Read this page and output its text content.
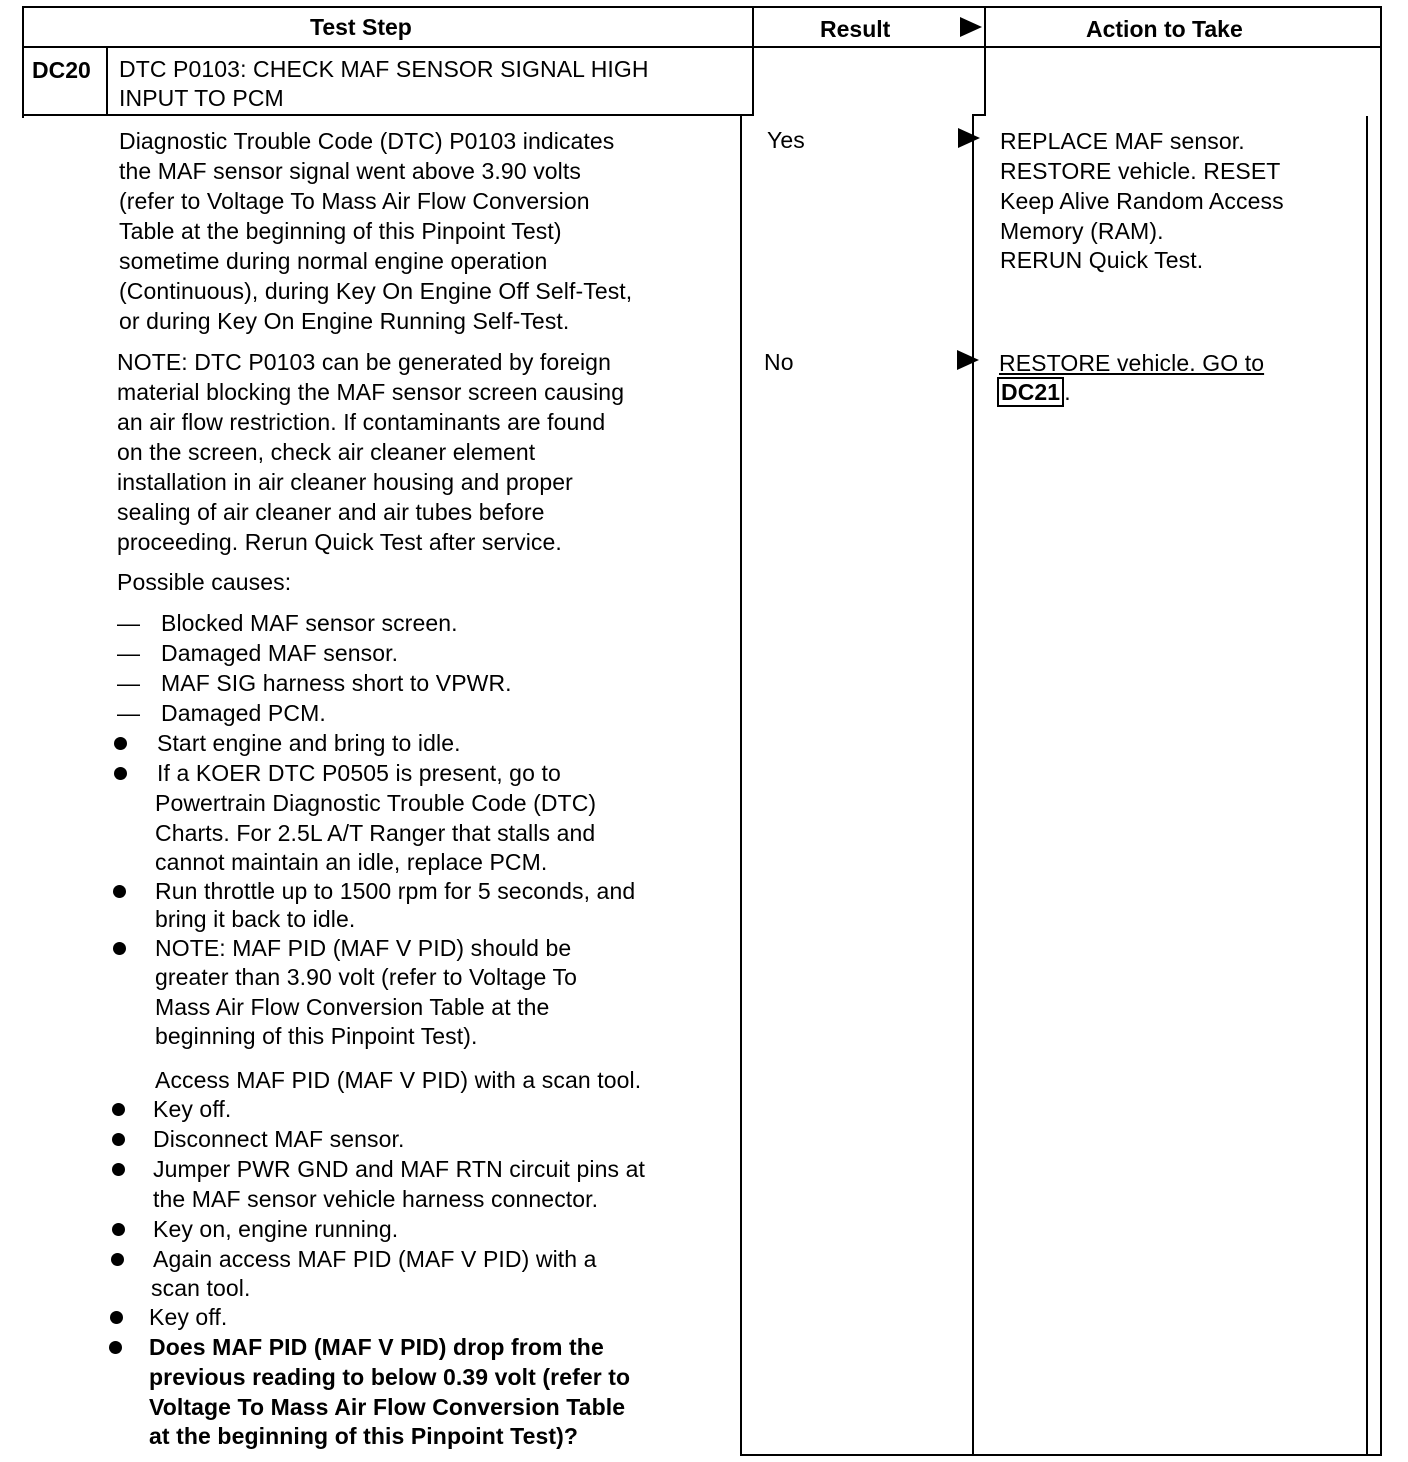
Test Step	Result	Action to Take
DC20 DTC P0103: CHECK MAF SENSOR SIGNAL HIGH
INPUT TO PCM
Diagnostic Trouble Code (DTC) P0103 indicates
the MAF sensor signal went above 3.90 volts
(refer to Voltage To Mass Air Flow Conversion
Table at the beginning of this Pinpoint Test)
sometime during normal engine operation
(Continuous), during Key On Engine Off Self-Test,
or during Key On Engine Running Self-Test.
NOTE: DTC P0103 can be generated by foreign
material blocking the MAF sensor screen causing
an air flow restriction. If contaminants are found
on the screen, check air cleaner element
installation in air cleaner housing and proper
sealing of air cleaner and air tubes before
proceeding. Rerun Quick Test after service.
Possible causes:
— Blocked MAF sensor screen.
— Damaged MAF sensor.
— MAF SIG harness short to VPWR.
— Damaged PCM.
Start engine and bring to idle.
If a KOER DTC P0505 is present, go to
Powertrain Diagnostic Trouble Code (DTC)
Charts. For 2.5L A/T Ranger that stalls and
cannot maintain an idle, replace PCM.
Run throttle up to 1500 rpm for 5 seconds, and
bring it back to idle.
NOTE: MAF PID (MAF V PID) should be
greater than 3.90 volt (refer to Voltage To
Mass Air Flow Conversion Table at the
beginning of this Pinpoint Test).
Access MAF PID (MAF V PID) with a scan tool.
Key off.
Disconnect MAF sensor.
Jumper PWR GND and MAF RTN circuit pins at
the MAF sensor vehicle harness connector.
Key on, engine running.
Again access MAF PID (MAF V PID) with a
scan tool.
Key off.
Does MAF PID (MAF V PID) drop from the
previous reading to below 0.39 volt (refer to
Voltage To Mass Air Flow Conversion Table
at the beginning of this Pinpoint Test)?
Yes
No
REPLACE MAF sensor.
RESTORE vehicle. RESET
Keep Alive Random Access
Memory (RAM).
RERUN Quick Test.
RESTORE vehicle. GO to
DC21 .
